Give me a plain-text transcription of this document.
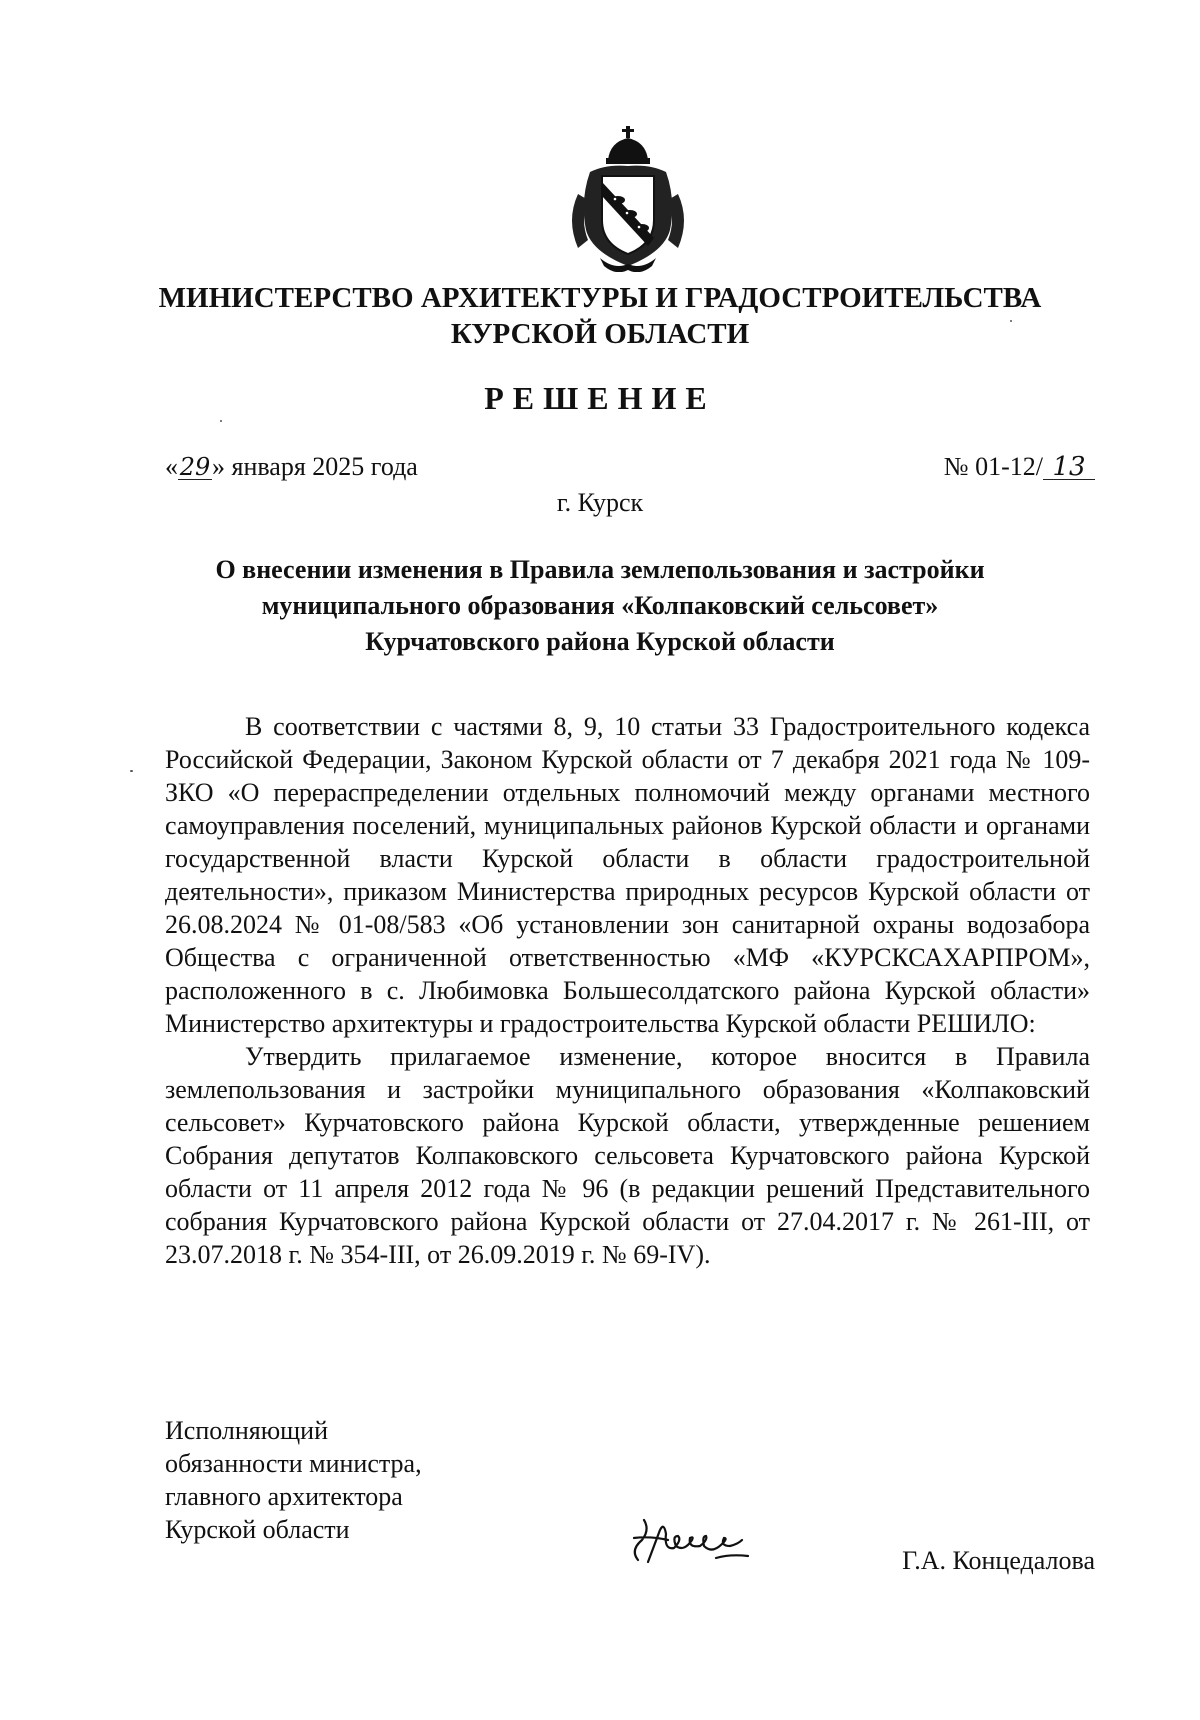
МИНИСТЕРСТВО АРХИТЕКТУРЫ И ГРАДОСТРОИТЕЛЬСТВА
КУРСКОЙ ОБЛАСТИ
РЕШЕНИЕ
«29» января 2025 года	№ 01-12/ 13
г. Курск
О внесении изменения в Правила землепользования и застройки
муниципального образования «Колпаковский сельсовет»
Курчатовского района Курской области

В соответствии с частями 8, 9, 10 статьи 33 Градостроительного кодекса Российской Федерации, Законом Курской области от 7 декабря 2021 года № 109-ЗКО «О перераспределении отдельных полномочий между органами местного самоуправления поселений, муниципальных районов Курской области и органами государственной власти Курской области в области градостроительной деятельности», приказом Министерства природных ресурсов Курской области от 26.08.2024 № 01-08/583 «Об установлении зон санитарной охраны водозабора Общества с ограниченной ответственностью «МФ «КУРСКСАХАРПРОМ», расположенного в с. Любимовка Большесолдатского района Курской области» Министерство архитектуры и градостроительства Курской области РЕШИЛО:

Утвердить прилагаемое изменение, которое вносится в Правила землепользования и застройки муниципального образования «Колпаковский сельсовет» Курчатовского района Курской области, утвержденные решением Собрания депутатов Колпаковского сельсовета Курчатовского района Курской области от 11 апреля 2012 года № 96 (в редакции решений Представительного собрания Курчатовского района Курской области от 27.04.2017 г. № 261-III, от 23.07.2018 г. № 354-III, от 26.09.2019 г. № 69-IV).

Исполняющий
обязанности министра,
главного архитектора
Курской области
Г.А. Концедалова
